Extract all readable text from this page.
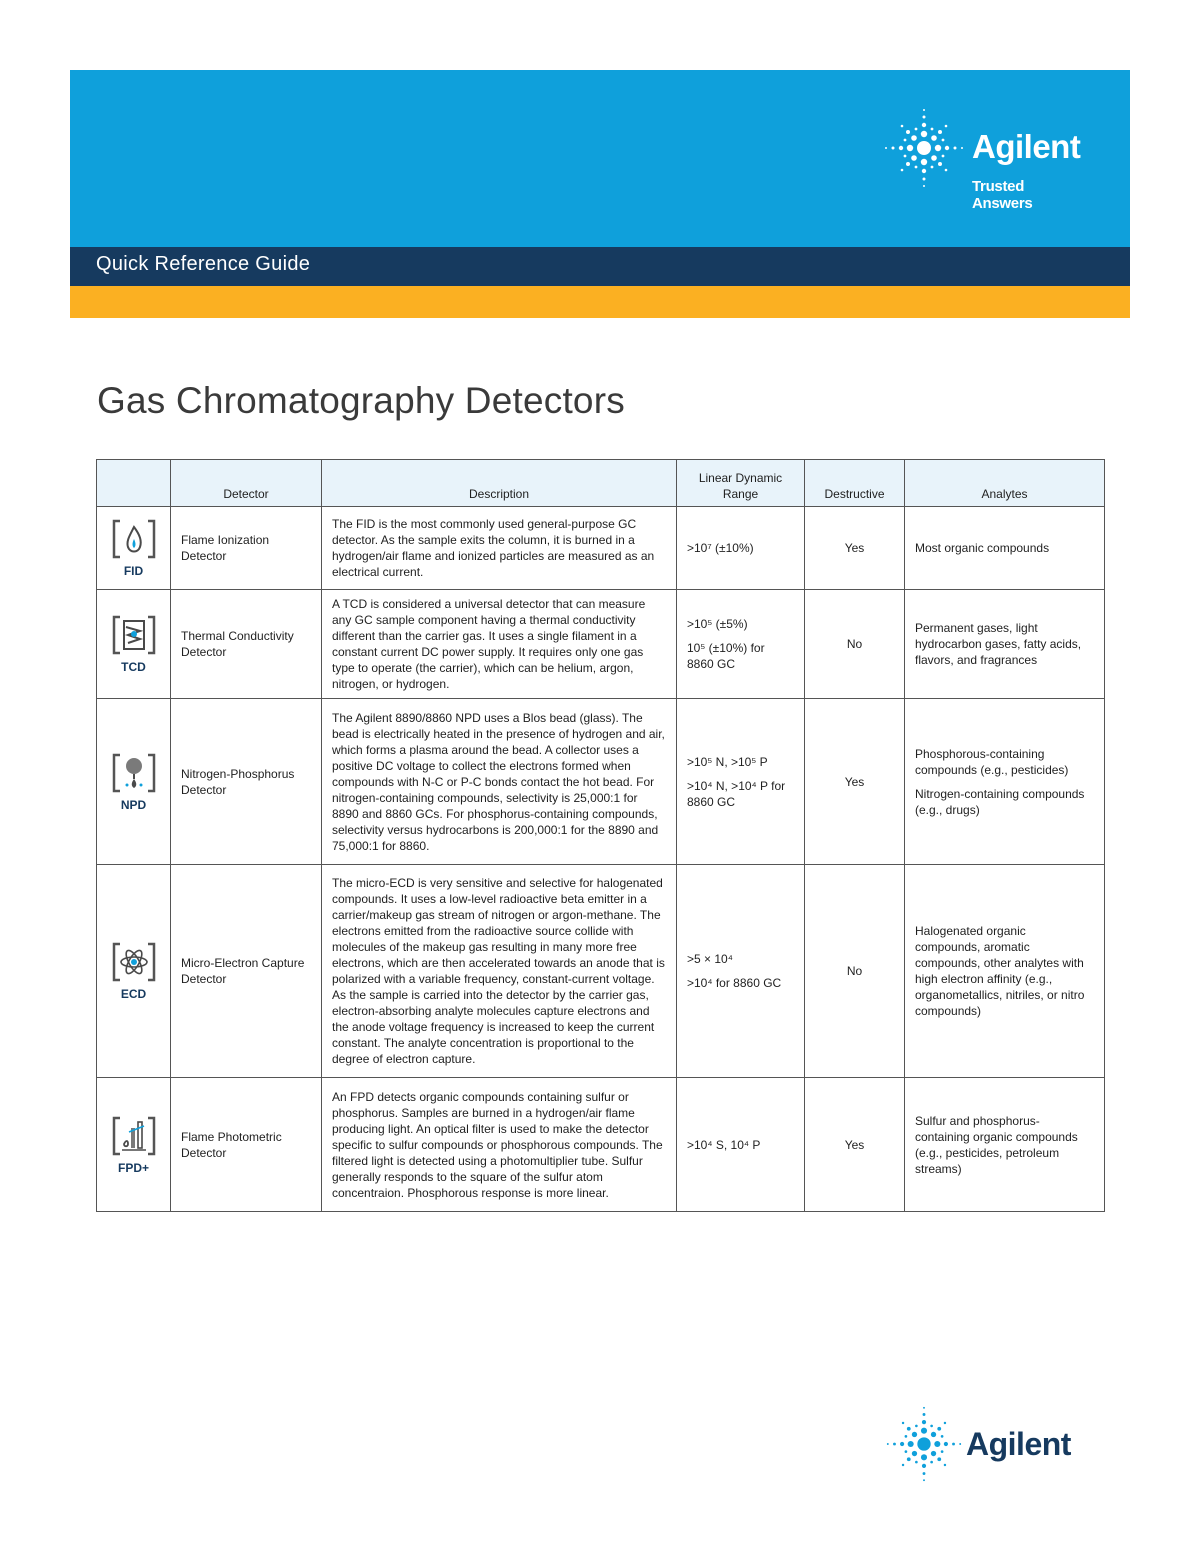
Quick Reference Guide
Agilent
Trusted Answers
Gas Chromatography Detectors
	Detector	Description	Linear Dynamic Range	Destructive	Analytes

FID	Flame Ionization Detector	The FID is the most commonly used general-purpose GC detector. As the sample exits the column, it is burned in a hydrogen/air flame and ionized particles are measured as an electrical current.	>10⁷ (±10%)	Yes	Most organic compounds

TCD	Thermal Conductivity Detector	A TCD is considered a universal detector that can measure any GC sample component having a thermal conductivity different than the carrier gas. It uses a single filament in a constant current DC power supply. It requires only one gas type to operate (the carrier), which can be helium, argon, nitrogen, or hydrogen.	>10⁵ (±5%)
10⁵ (±10%) for 8860 GC	No	Permanent gases, light hydrocarbon gases, fatty acids, flavors, and fragrances

NPD	Nitrogen-Phosphorus Detector	The Agilent 8890/8860 NPD uses a Blos bead (glass). The bead is electrically heated in the presence of hydrogen and air, which forms a plasma around the bead. A collector uses a positive DC voltage to collect the electrons formed when compounds with N-C or P-C bonds contact the hot bead. For nitrogen-containing compounds, selectivity is 25,000:1 for 8890 and 8860 GCs. For phosphorus-containing compounds, selectivity versus hydrocarbons is 200,000:1 for the 8890 and 75,000:1 for 8860.	>10⁵ N, >10⁵ P
>10⁴ N, >10⁴ P for 8860 GC	Yes	Phosphorous-containing compounds (e.g., pesticides)
Nitrogen-containing compounds (e.g., drugs)

ECD	Micro-Electron Capture Detector	The micro-ECD is very sensitive and selective for halogenated compounds. It uses a low-level radioactive beta emitter in a carrier/makeup gas stream of nitrogen or argon-methane. The electrons emitted from the radioactive source collide with molecules of the makeup gas resulting in many more free electrons, which are then accelerated towards an anode that is polarized with a variable frequency, constant-current voltage. As the sample is carried into the detector by the carrier gas, electron-absorbing analyte molecules capture electrons and the anode voltage frequency is increased to keep the current constant. The analyte concentration is proportional to the degree of electron capture.	>5 × 10⁴
>10⁴ for 8860 GC	No	Halogenated organic compounds, aromatic compounds, other analytes with high electron affinity (e.g., organometallics, nitriles, or nitro compounds)

FPD+	Flame Photometric Detector	An FPD detects organic compounds containing sulfur or phosphorus. Samples are burned in a hydrogen/air flame producing light. An optical filter is used to make the detector specific to sulfur compounds or phosphorous compounds. The filtered light is detected using a photomultiplier tube. Sulfur generally responds to the square of the sulfur atom concentraion. Phosphorous response is more linear.	>10⁴ S, 10⁴ P	Yes	Sulfur and phosphorus-containing organic compounds (e.g., pesticides, petroleum streams)
Agilent
